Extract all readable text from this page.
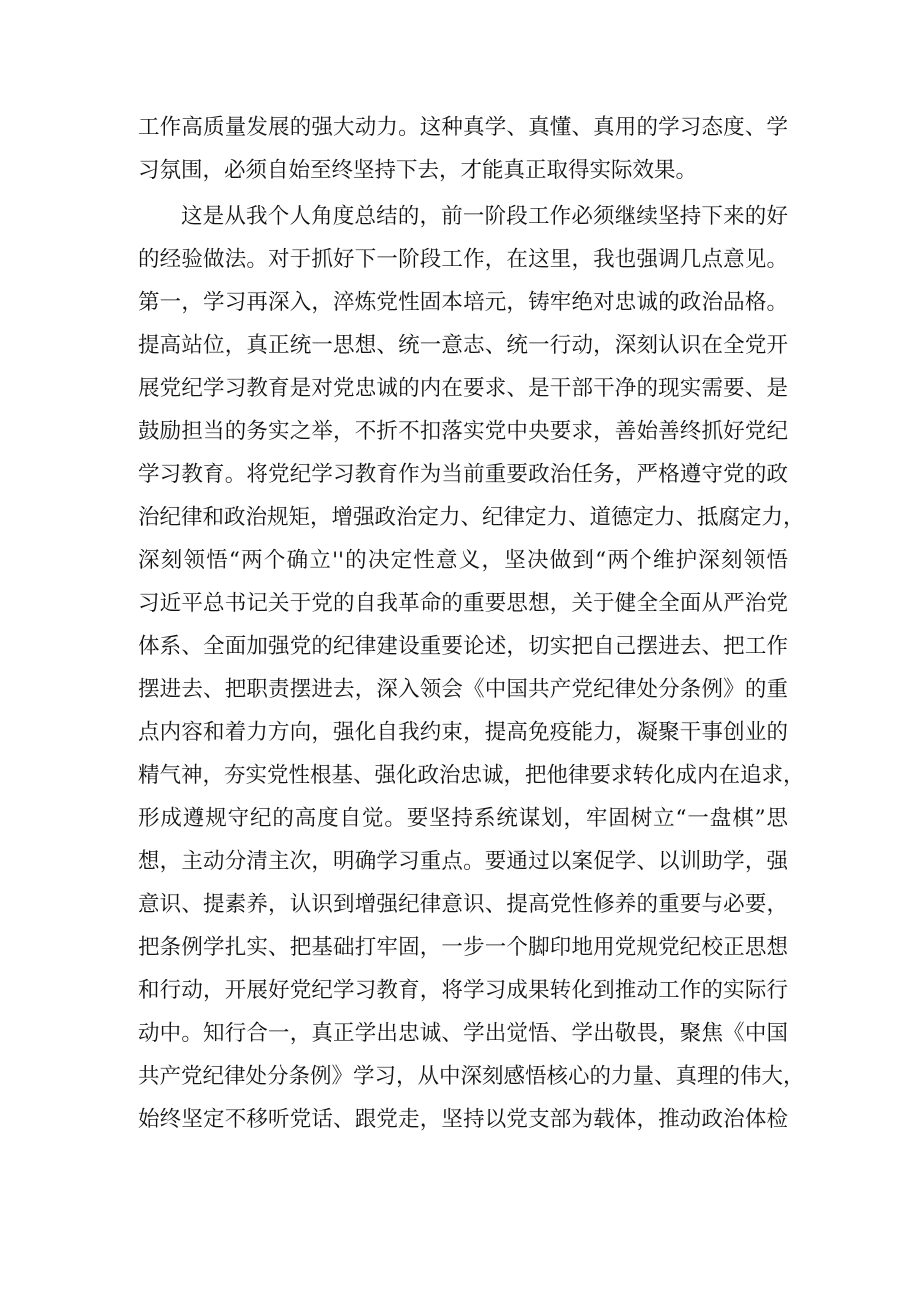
工作高质量发展的强大动力。这种真学、真懂、真用的学习态度、学
习氛围，必须自始至终坚持下去，才能真正取得实际效果。
这是从我个人角度总结的，前一阶段工作必须继续坚持下来的好
的经验做法。对于抓好下一阶段工作，在这里，我也强调几点意见。
第一，学习再深入，淬炼党性固本培元，铸牢绝对忠诚的政治品格。
提高站位，真正统一思想、统一意志、统一行动，深刻认识在全党开
展党纪学习教育是对党忠诚的内在要求、是干部干净的现实需要、是
鼓励担当的务实之举，不折不扣落实党中央要求，善始善终抓好党纪
学习教育。将党纪学习教育作为当前重要政治任务，严格遵守党的政
治纪律和政治规矩，增强政治定力、纪律定力、道德定力、抵腐定力，
深刻领悟“两个确立''的决定性意义，坚决做到“两个维护深刻领悟
习近平总书记关于党的自我革命的重要思想，关于健全全面从严治党
体系、全面加强党的纪律建设重要论述，切实把自己摆进去、把工作
摆进去、把职责摆进去，深入领会《中国共产党纪律处分条例》的重
点内容和着力方向，强化自我约束，提高免疫能力，凝聚干事创业的
精气神，夯实党性根基、强化政治忠诚，把他律要求转化成内在追求，
形成遵规守纪的高度自觉。要坚持系统谋划，牢固树立“一盘棋”思
想，主动分清主次，明确学习重点。要通过以案促学、以训助学，强
意识、提素养，认识到增强纪律意识、提高党性修养的重要与必要，
把条例学扎实、把基础打牢固，一步一个脚印地用党规党纪校正思想
和行动，开展好党纪学习教育，将学习成果转化到推动工作的实际行
动中。知行合一，真正学出忠诚、学出觉悟、学出敬畏，聚焦《中国
共产党纪律处分条例》学习，从中深刻感悟核心的力量、真理的伟大，
始终坚定不移听党话、跟党走，坚持以党支部为载体，推动政治体检
